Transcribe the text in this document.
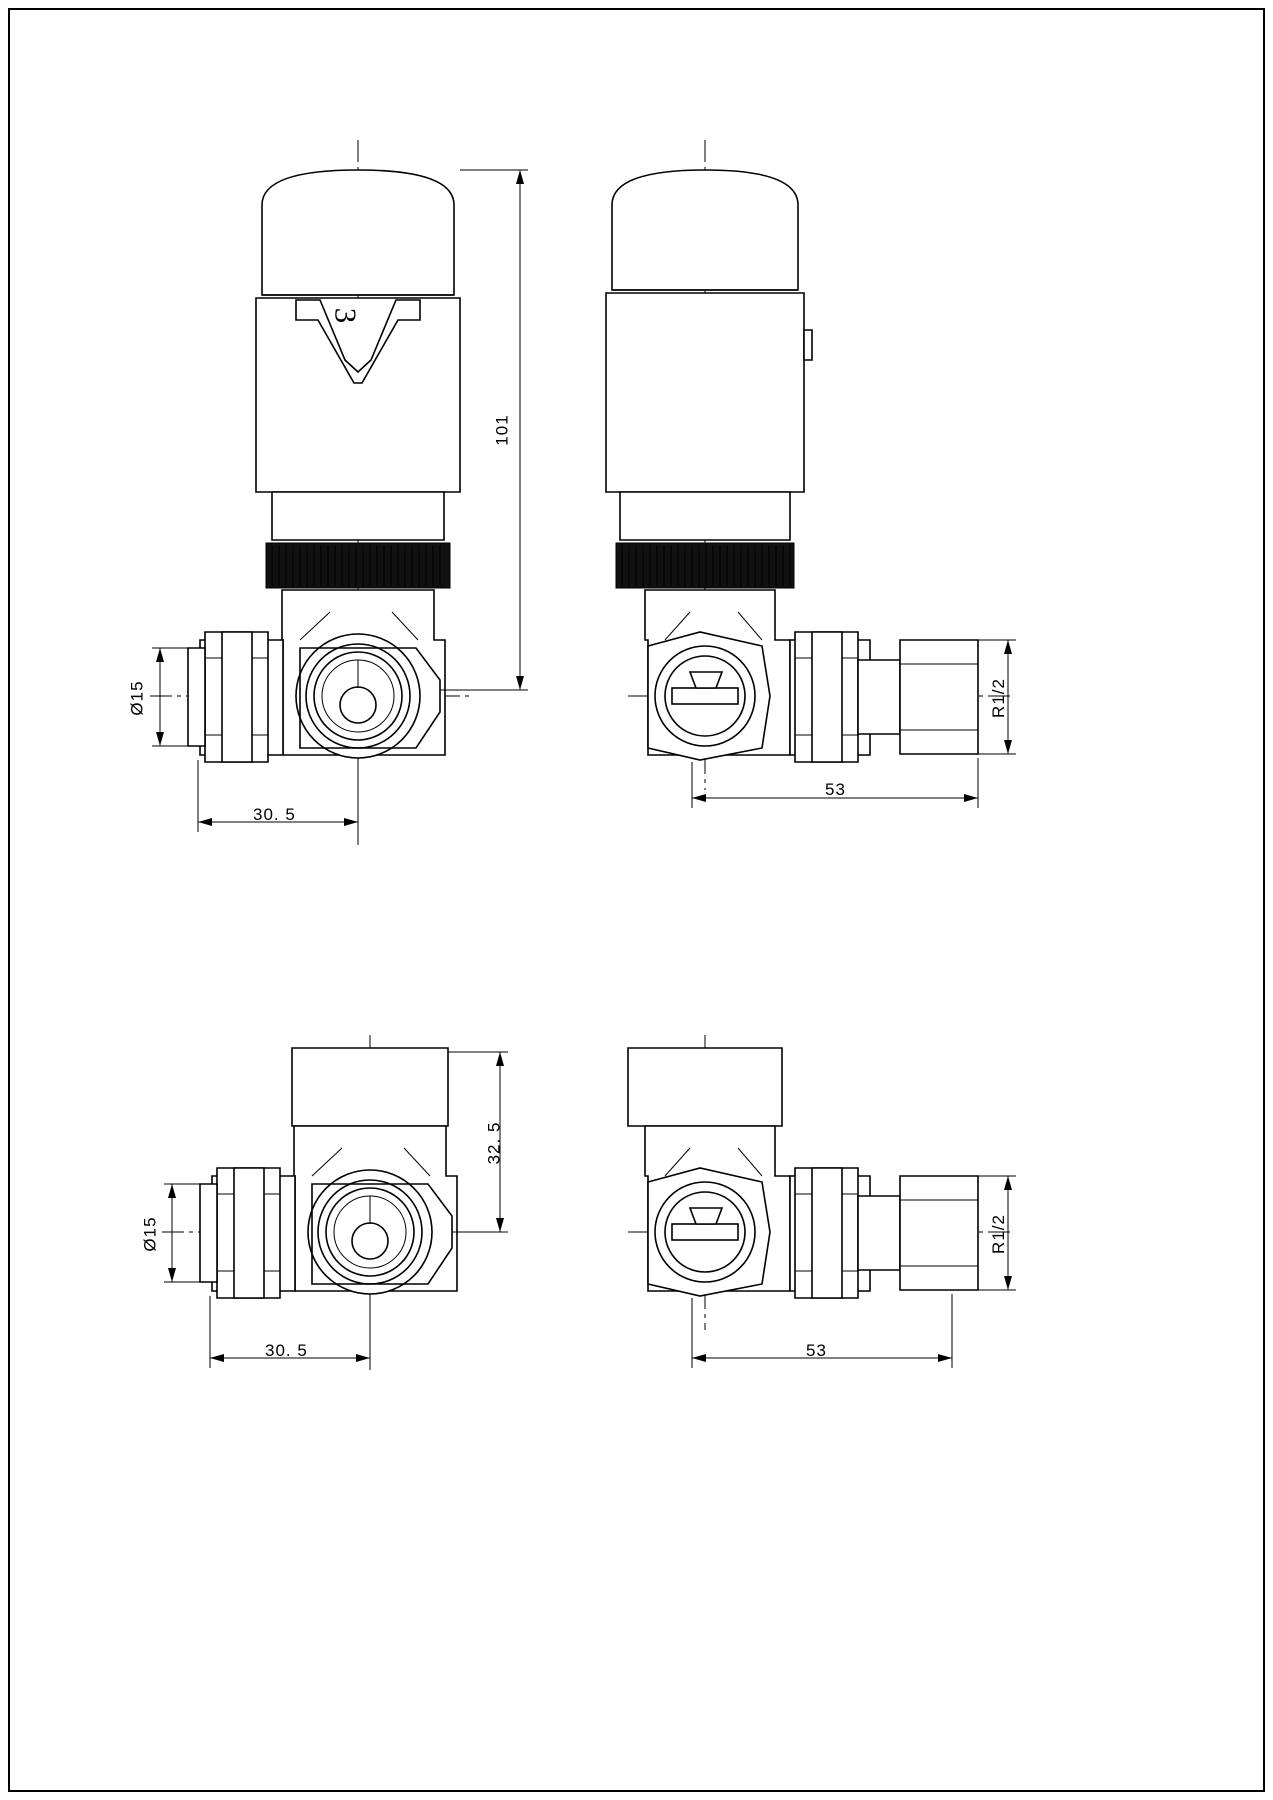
101
Ø15
30. 5
3
R1/2
53
32. 5
Ø15
30. 5
R1/2
53
